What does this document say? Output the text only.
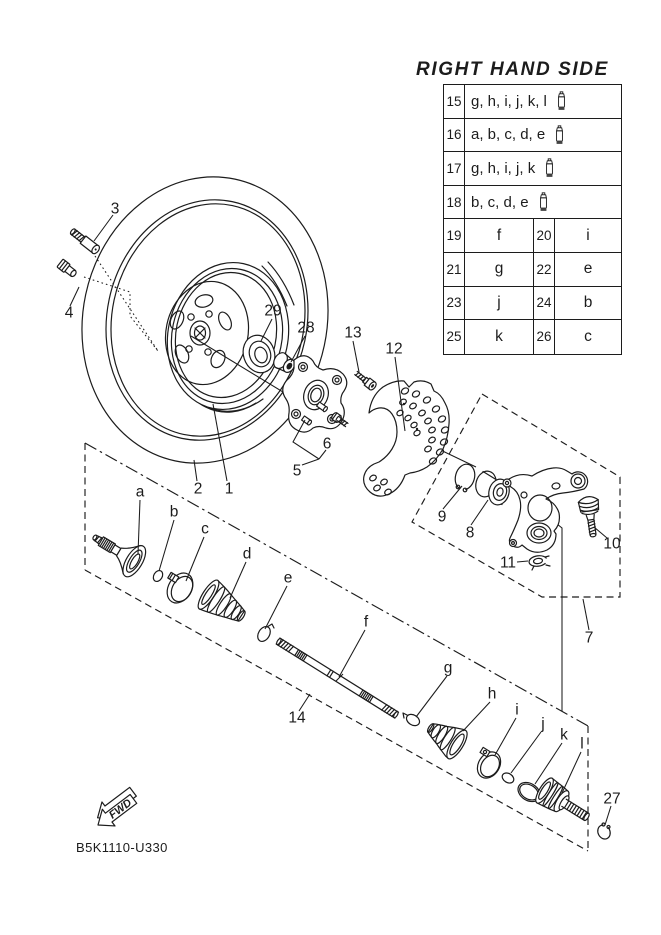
1
2
3
4
5
6
7
8
9
10
11
12
13
14
27
28
29
a
b
c
d
e
f
g
h
i
j
k
l
FWD
RIGHT HAND SIDE
15 g, h, i, j, k, l
16 a, b, c, d, e
17 g, h, i, j, k
18 b, c, d, e
19	f	20	i
21	g	22	e
23	j	24	b
25	k	26	c
B5K1110-U330
